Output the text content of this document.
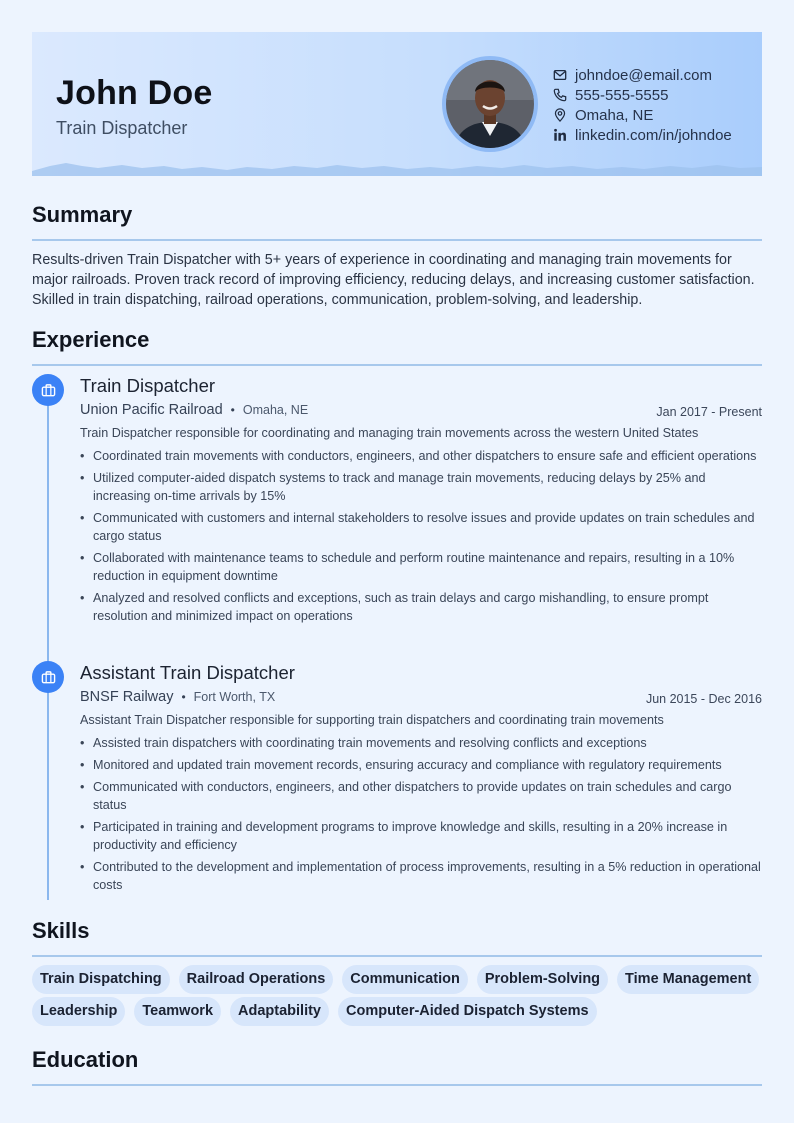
John Doe
Train Dispatcher
johndoe@email.com
555-555-5555
Omaha, NE
linkedin.com/in/johndoe
Summary

Results-driven Train Dispatcher with 5+ years of experience in coordinating and managing train movements for major railroads. Proven track record of improving efficiency, reducing delays, and increasing customer satisfaction. Skilled in train dispatching, railroad operations, communication, problem-solving, and leadership.

Experience
Train Dispatcher
Union Pacific Railroad • Omaha, NE	Jan 2017 - Present
Train Dispatcher responsible for coordinating and managing train movements across the western United States
• Coordinated train movements with conductors, engineers, and other dispatchers to ensure safe and efficient operations
• Utilized computer-aided dispatch systems to track and manage train movements, reducing delays by 25% and increasing on-time arrivals by 15%
• Communicated with customers and internal stakeholders to resolve issues and provide updates on train schedules and cargo status
• Collaborated with maintenance teams to schedule and perform routine maintenance and repairs, resulting in a 10% reduction in equipment downtime
• Analyzed and resolved conflicts and exceptions, such as train delays and cargo mishandling, to ensure prompt resolution and minimized impact on operations
Assistant Train Dispatcher
BNSF Railway • Fort Worth, TX	Jun 2015 - Dec 2016
Assistant Train Dispatcher responsible for supporting train dispatchers and coordinating train movements
• Assisted train dispatchers with coordinating train movements and resolving conflicts and exceptions
• Monitored and updated train movement records, ensuring accuracy and compliance with regulatory requirements
• Communicated with conductors, engineers, and other dispatchers to provide updates on train schedules and cargo status
• Participated in training and development programs to improve knowledge and skills, resulting in a 20% increase in productivity and efficiency
• Contributed to the development and implementation of process improvements, resulting in a 5% reduction in operational costs
Skills
Train Dispatching	Railroad Operations	Communication	Problem-Solving	Time Management
Leadership	Teamwork	Adaptability	Computer-Aided Dispatch Systems
Education
